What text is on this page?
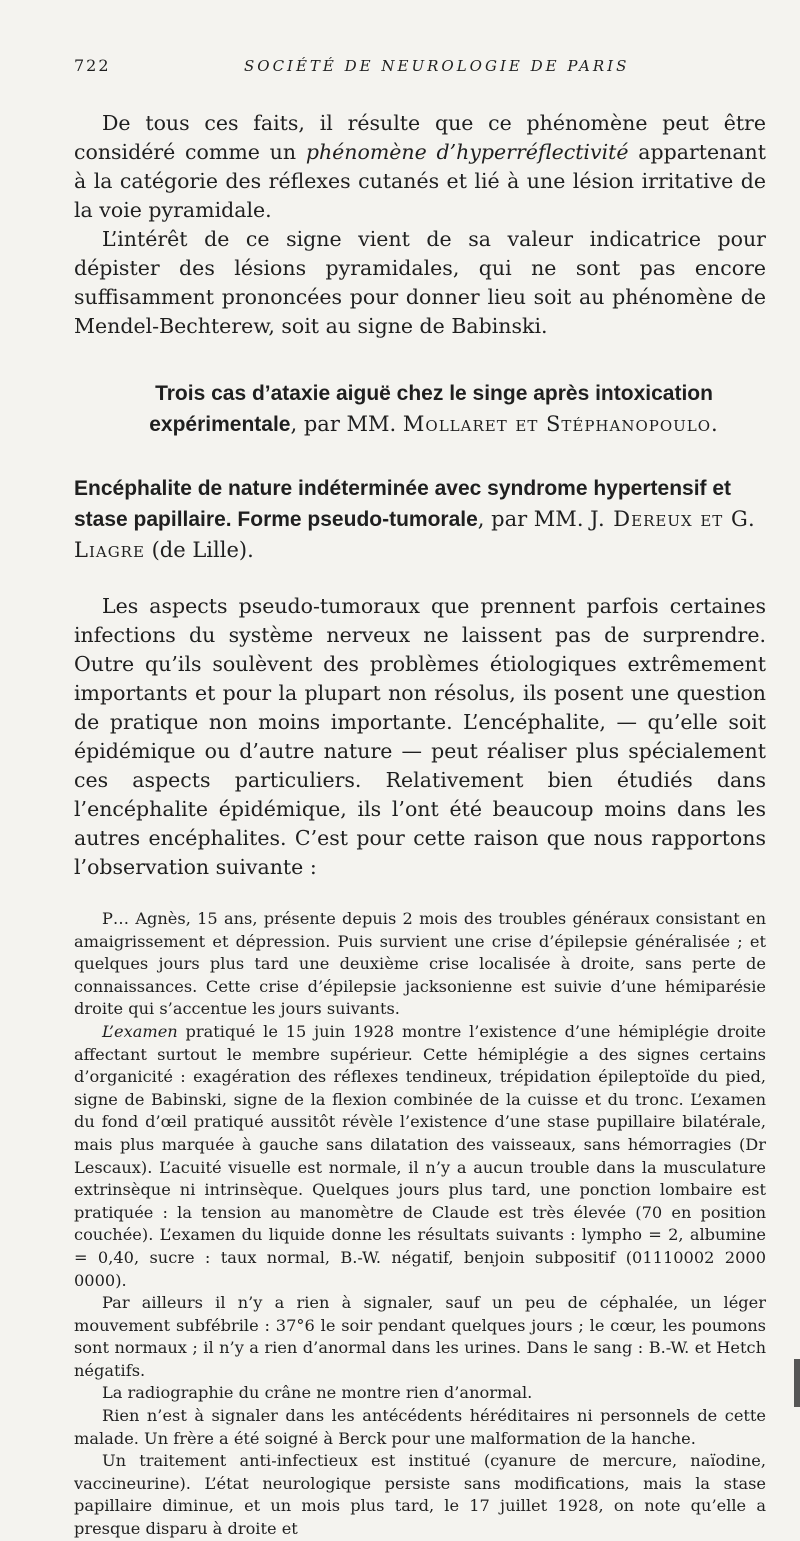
722	SOCIÉTÉ DE NEUROLOGIE DE PARIS

De tous ces faits, il résulte que ce phénomène peut être considéré comme un phénomène d’hyperréflectivité appartenant à la catégorie des réflexes cutanés et lié à une lésion irritative de la voie pyramidale.

L’intérêt de ce signe vient de sa valeur indicatrice pour dépister des lésions pyramidales, qui ne sont pas encore suffisamment prononcées pour donner lieu soit au phénomène de Mendel-Bechterew, soit au signe de Babinski.

Trois cas d’ataxie aiguë chez le singe après intoxication expérimentale, par MM. Mollaret et Stéphanopoulo.
Encéphalite de nature indéterminée avec syndrome hypertensif et stase papillaire. Forme pseudo-tumorale, par MM. J. Dereux et G. Liagre (de Lille).

Les aspects pseudo-tumoraux que prennent parfois certaines infections du système nerveux ne laissent pas de surprendre. Outre qu’ils soulèvent des problèmes étiologiques extrêmement importants et pour la plupart non résolus, ils posent une question de pratique non moins importante. L’encéphalite, — qu’elle soit épidémique ou d’autre nature — peut réaliser plus spécialement ces aspects particuliers. Relativement bien étudiés dans l’encéphalite épidémique, ils l’ont été beaucoup moins dans les autres encéphalites. C’est pour cette raison que nous rapportons l’observation suivante :

P… Agnès, 15 ans, présente depuis 2 mois des troubles généraux consistant en amaigrissement et dépression. Puis survient une crise d’épilepsie généralisée ; et quelques jours plus tard une deuxième crise localisée à droite, sans perte de connaissances. Cette crise d’épilepsie jacksonienne est suivie d’une hémiparésie droite qui s’accentue les jours suivants.

L’examen pratiqué le 15 juin 1928 montre l’existence d’une hémiplégie droite affectant surtout le membre supérieur. Cette hémiplégie a des signes certains d’organicité : exagération des réflexes tendineux, trépidation épileptoïde du pied, signe de Babinski, signe de la flexion combinée de la cuisse et du tronc. L’examen du fond d’œil pratiqué aussitôt révèle l’existence d’une stase pupillaire bilatérale, mais plus marquée à gauche sans dilatation des vaisseaux, sans hémorragies (Dr Lescaux). L’acuité visuelle est normale, il n’y a aucun trouble dans la musculature extrinsèque ni intrinsèque. Quelques jours plus tard, une ponction lombaire est pratiquée : la tension au manomètre de Claude est très élevée (70 en position couchée). L’examen du liquide donne les résultats suivants : lympho = 2, albumine = 0,40, sucre : taux normal, B.-W. négatif, benjoin subpositif (01110002 2000 0000).

Par ailleurs il n’y a rien à signaler, sauf un peu de céphalée, un léger mouvement subfébrile : 37°6 le soir pendant quelques jours ; le cœur, les poumons sont normaux ; il n’y a rien d’anormal dans les urines. Dans le sang : B.-W. et Hetch négatifs.

La radiographie du crâne ne montre rien d’anormal.

Rien n’est à signaler dans les antécédents héréditaires ni personnels de cette malade. Un frère a été soigné à Berck pour une malformation de la hanche.

Un traitement anti-infectieux est institué (cyanure de mercure, naïodine, vaccineurine). L’état neurologique persiste sans modifications, mais la stase papillaire diminue, et un mois plus tard, le 17 juillet 1928, on note qu’elle a presque disparu à droite et
